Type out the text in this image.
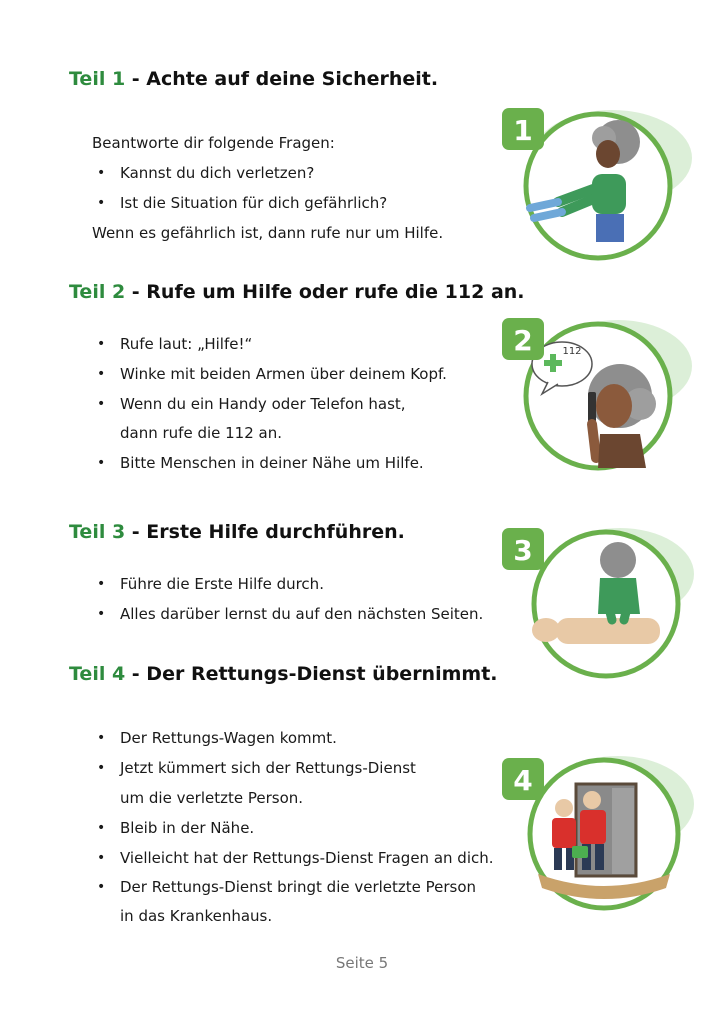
Teil 1 - Achte auf deine Sicherheit.
Beantworte dir folgende Fragen:
• Kannst du dich verletzen?
• Ist die Situation für dich gefährlich?
Wenn es gefährlich ist, dann rufe nur um Hilfe.
1
Teil 2 - Rufe um Hilfe oder rufe die 112 an.
• Rufe laut: „Hilfe!“
• Winke mit beiden Armen über deinem Kopf.
• Wenn du ein Handy oder Telefon hast,
dann rufe die 112 an.
• Bitte Menschen in deiner Nähe um Hilfe.
112
2
Teil 3 - Erste Hilfe durchführen.
• Führe die Erste Hilfe durch.
• Alles darüber lernst du auf den nächsten Seiten.
3
Teil 4 - Der Rettungs-Dienst übernimmt.
• Der Rettungs-Wagen kommt.
• Jetzt kümmert sich der Rettungs-Dienst
um die verletzte Person.
• Bleib in der Nähe.
• Vielleicht hat der Rettungs-Dienst Fragen an dich.
• Der Rettungs-Dienst bringt die verletzte Person
in das Krankenhaus.
4
Seite 5
